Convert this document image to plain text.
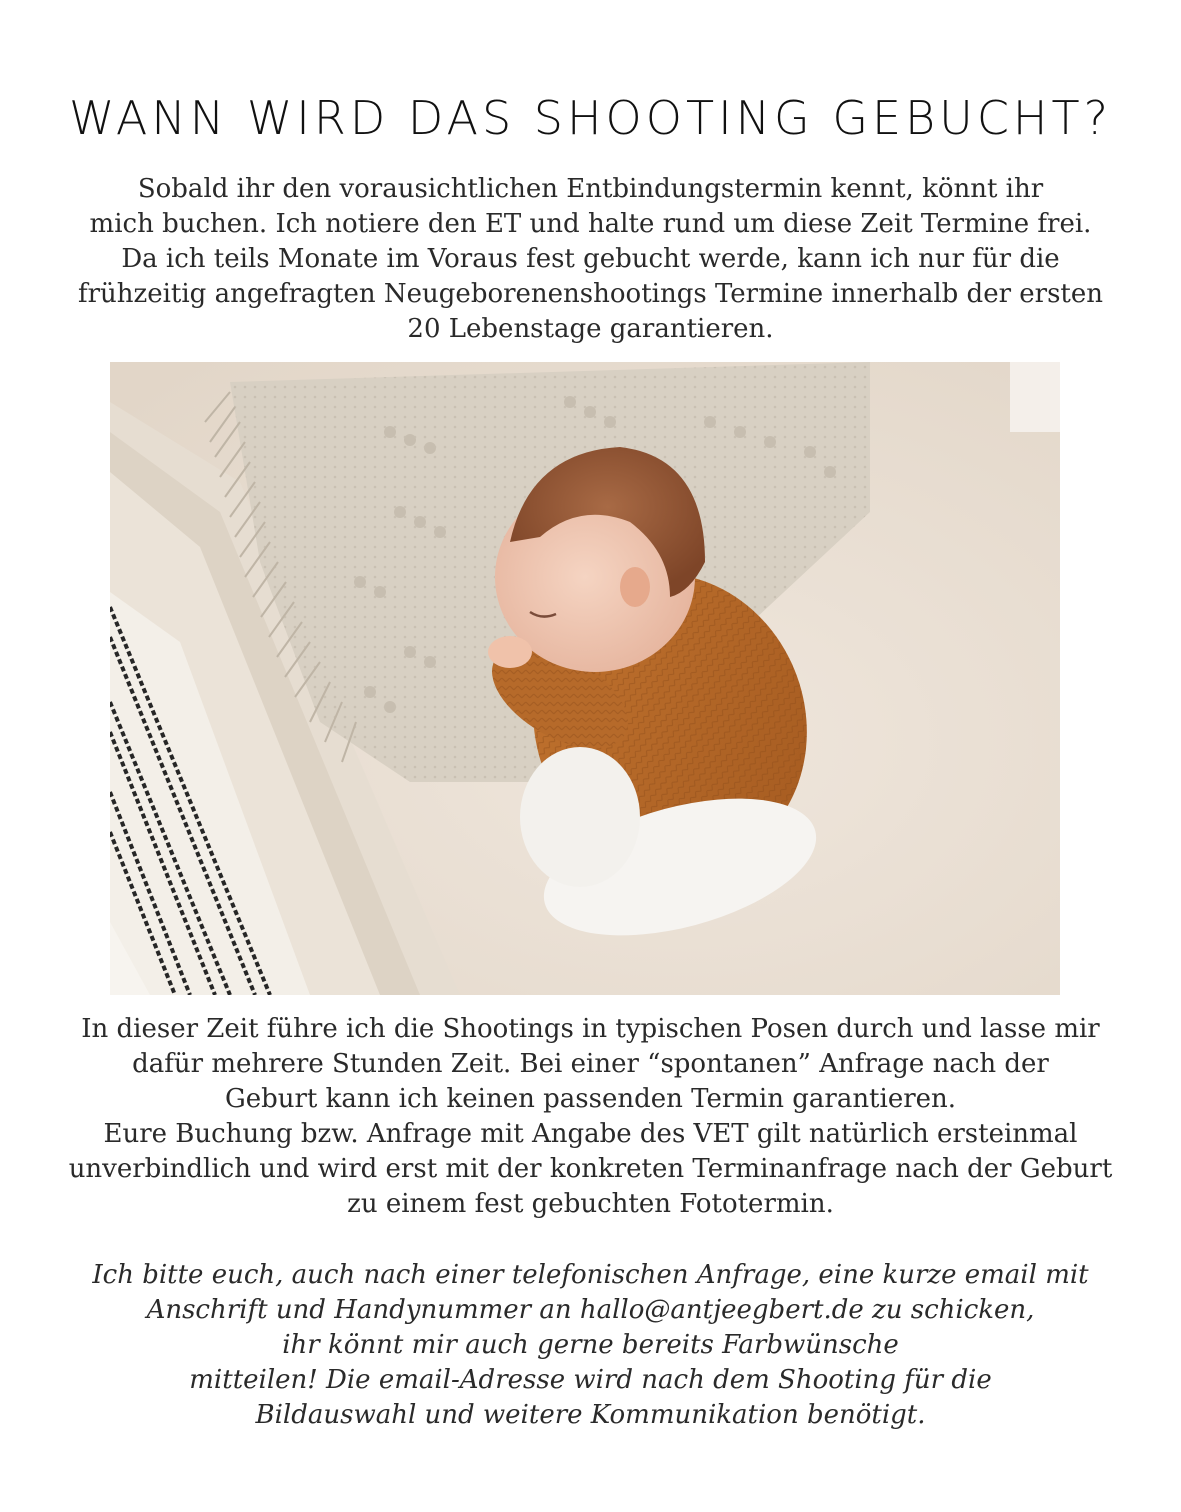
WANN WIRD DAS SHOOTING GEBUCHT?

Sobald ihr den vorausichtlichen Entbindungstermin kennt, könnt ihr
mich buchen. Ich notiere den ET und halte rund um diese Zeit Termine frei.
Da ich teils Monate im Voraus fest gebucht werde, kann ich nur für die
frühzeitig angefragten Neugeborenenshootings Termine innerhalb der ersten
20 Lebenstage garantieren.

In dieser Zeit führe ich die Shootings in typischen Posen durch und lasse mir
dafür mehrere Stunden Zeit. Bei einer “spontanen” Anfrage nach der
Geburt kann ich keinen passenden Termin garantieren.
Eure Buchung bzw. Anfrage mit Angabe des VET gilt natürlich ersteinmal
unverbindlich und wird erst mit der konkreten Terminanfrage nach der Geburt
zu einem fest gebuchten Fototermin.

Ich bitte euch, auch nach einer telefonischen Anfrage, eine kurze email mit
Anschrift und Handynummer an hallo@antjeegbert.de zu schicken,
ihr könnt mir auch gerne bereits Farbwünsche
mitteilen! Die email-Adresse wird nach dem Shooting für die
Bildauswahl und weitere Kommunikation benötigt.
